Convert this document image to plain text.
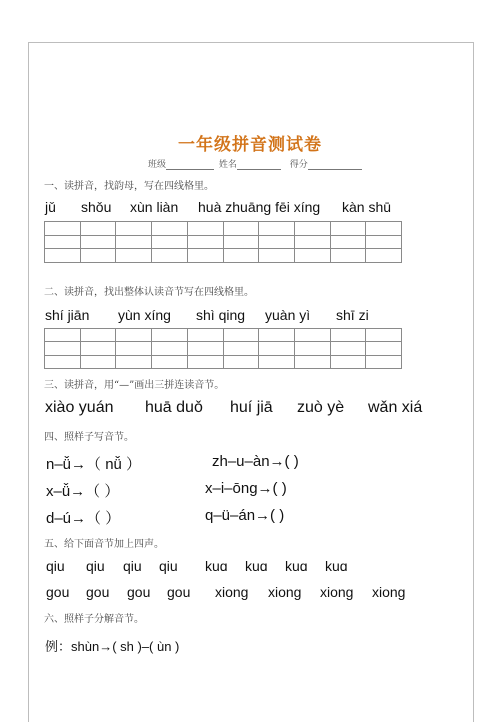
一年级拼音测试卷
班级	姓名	得分
一、读拼音，找韵母，写在四线格里。
jǔ shǒu xùn liàn huà zhuāng fēi xíng kàn shū
二、读拼音，找出整体认读音节写在四线格里。
shí jiān yùn xíng shì qing yuàn yì shī zi
三、读拼音，用“—”画出三拼连读音节。
xiào yuán huā duǒ huí jiā zuò yè wǎn xiá
四、照样子写音节。
n–ǚ→（ nǚ ）	zh–u–àn→( )
x–ǚ→（ ）	x–i–ōng→( )
d–ú→（ ）	q–ü–án→( )
五、给下面音节加上四声。
qiu qiu qiu qiu kuɑ kuɑ kuɑ kuɑ
gou gou gou gou xiong xiong xiong xiong
六、照样子分解音节。
例：shùn→( sh )–( ùn )
